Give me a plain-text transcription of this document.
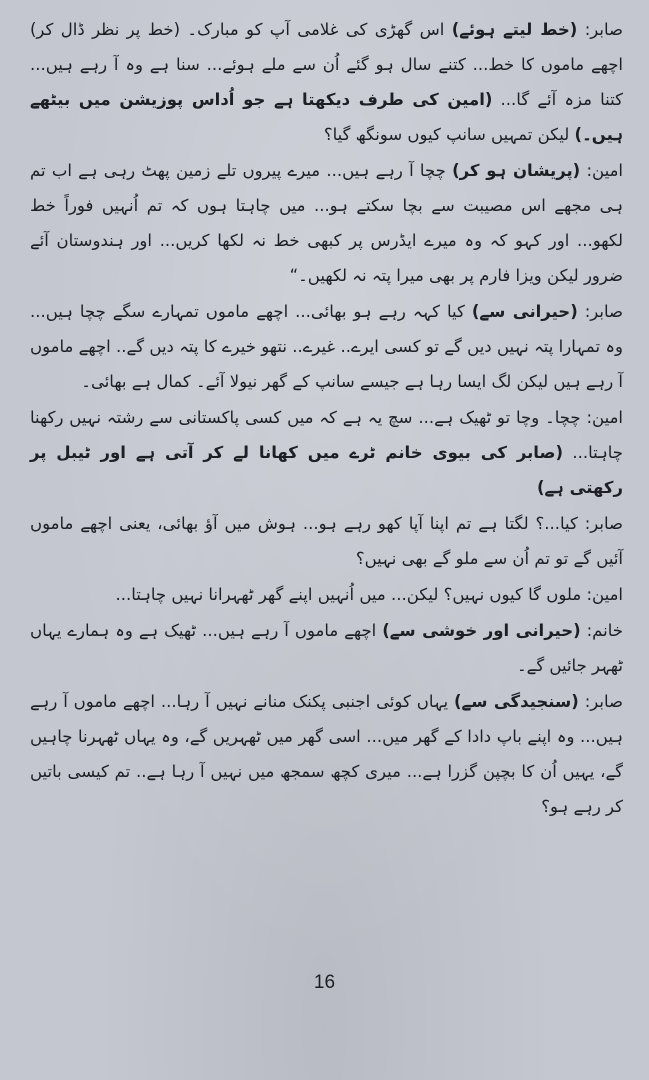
صابر: (خط لیتے ہوئے) اس گھڑی کی غلامی آپ کو مبارک۔ (خط پر نظر ڈال کر) اچھے ماموں کا خط... کتنے سال ہو گئے اُن سے ملے ہوئے... سنا ہے وہ آ رہے ہیں... کتنا مزہ آئے گا... (امین کی طرف دیکھتا ہے جو اُداس پوزیشن میں بیٹھے ہیں۔) لیکن تمہیں سانپ کیوں سونگھ گیا؟

امین: (پریشان ہو کر) چچا آ رہے ہیں... میرے پیروں تلے زمین پھٹ رہی ہے اب تم ہی مجھے اس مصیبت سے بچا سکتے ہو... میں چاہتا ہوں کہ تم اُنہیں فوراً خط لکھو... اور کہو کہ وہ میرے ایڈرس پر کبھی خط نہ لکھا کریں... اور ہندوستان آئے ضرور لیکن ویزا فارم پر بھی میرا پتہ نہ لکھیں۔“

صابر: (حیرانی سے) کیا کہہ رہے ہو بھائی... اچھے ماموں تمہارے سگے چچا ہیں... وہ تمہارا پتہ نہیں دیں گے تو کسی ایرے.. غیرے.. نتھو خیرے کا پتہ دیں گے.. اچھے ماموں آ رہے ہیں لیکن لگ ایسا رہا ہے جیسے سانپ کے گھر نیولا آئے۔ کمال ہے بھائی۔

امین: چچا۔ وچا تو ٹھیک ہے... سچ یہ ہے کہ میں کسی پاکستانی سے رشتہ نہیں رکھنا چاہتا... (صابر کی بیوی خانم ٹرے میں کھانا لے کر آتی ہے اور ٹیبل پر رکھتی ہے)

صابر: کیا...؟ لگتا ہے تم اپنا آپا کھو رہے ہو... ہوش میں آؤ بھائی، یعنی اچھے ماموں آئیں گے تو تم اُن سے ملو گے بھی نہیں؟

امین: ملوں گا کیوں نہیں؟ لیکن... میں اُنہیں اپنے گھر ٹھہرانا نہیں چاہتا...

خانم: (حیرانی اور خوشی سے) اچھے ماموں آ رہے ہیں... ٹھیک ہے وہ ہمارے یہاں ٹھہر جائیں گے۔

صابر: (سنجیدگی سے) یہاں کوئی اجنبی پکنک منانے نہیں آ رہا... اچھے ماموں آ رہے ہیں... وہ اپنے باپ دادا کے گھر میں... اسی گھر میں ٹھہریں گے، وہ یہاں ٹھہرنا چاہیں گے، یہیں اُن کا بچپن گزرا ہے... میری کچھ سمجھ میں نہیں آ رہا ہے.. تم کیسی باتیں کر رہے ہو؟

16
